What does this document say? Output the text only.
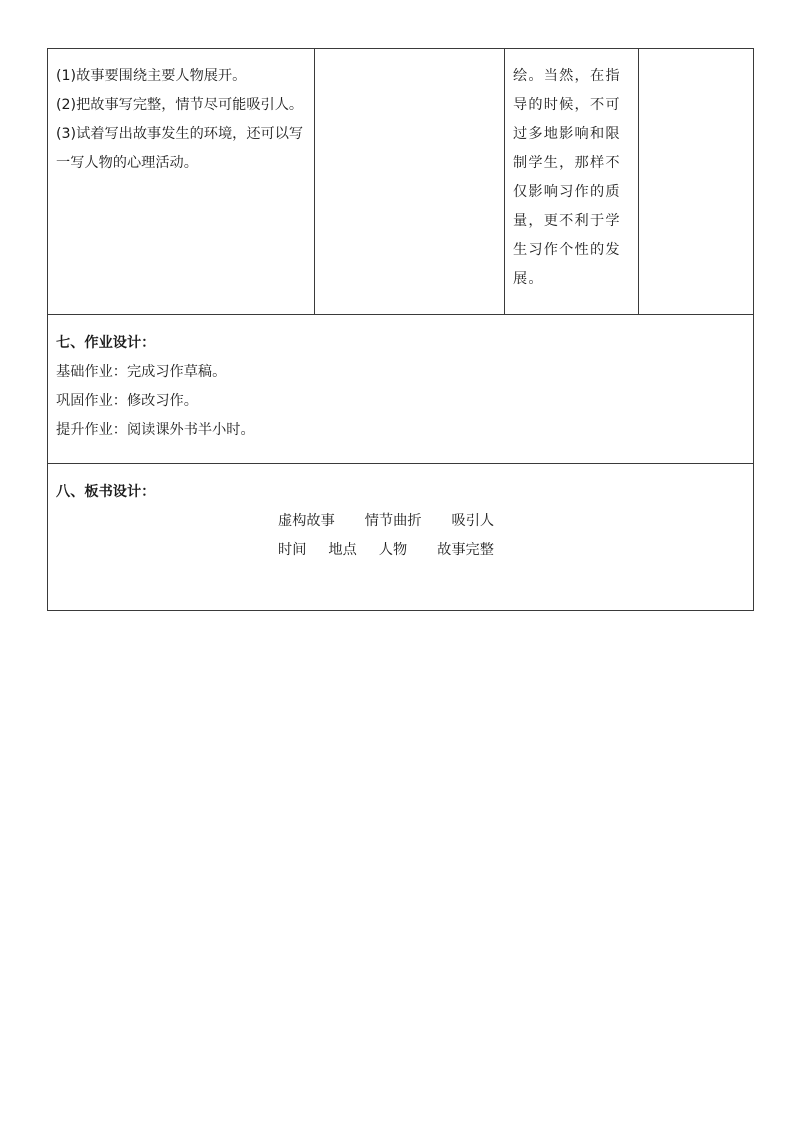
(1)故事要围绕主要人物展开。

(2)把故事写完整，情节尽可能吸引人。

(3)试着写出故事发生的环境，还可以写一写人物的心理活动。

		绘。当然，在指导的时候，不可过多地影响和限制学生，那样不仅影响习作的质量，更不利于学生习作个性的发展。	

七、作业设计：

基础作业：完成习作草稿。

巩固作业：修改习作。

提升作业：阅读课外书半小时。

八、板书设计：

虚构故事 情节曲折 吸引人

时间 地点 人物 故事完整
